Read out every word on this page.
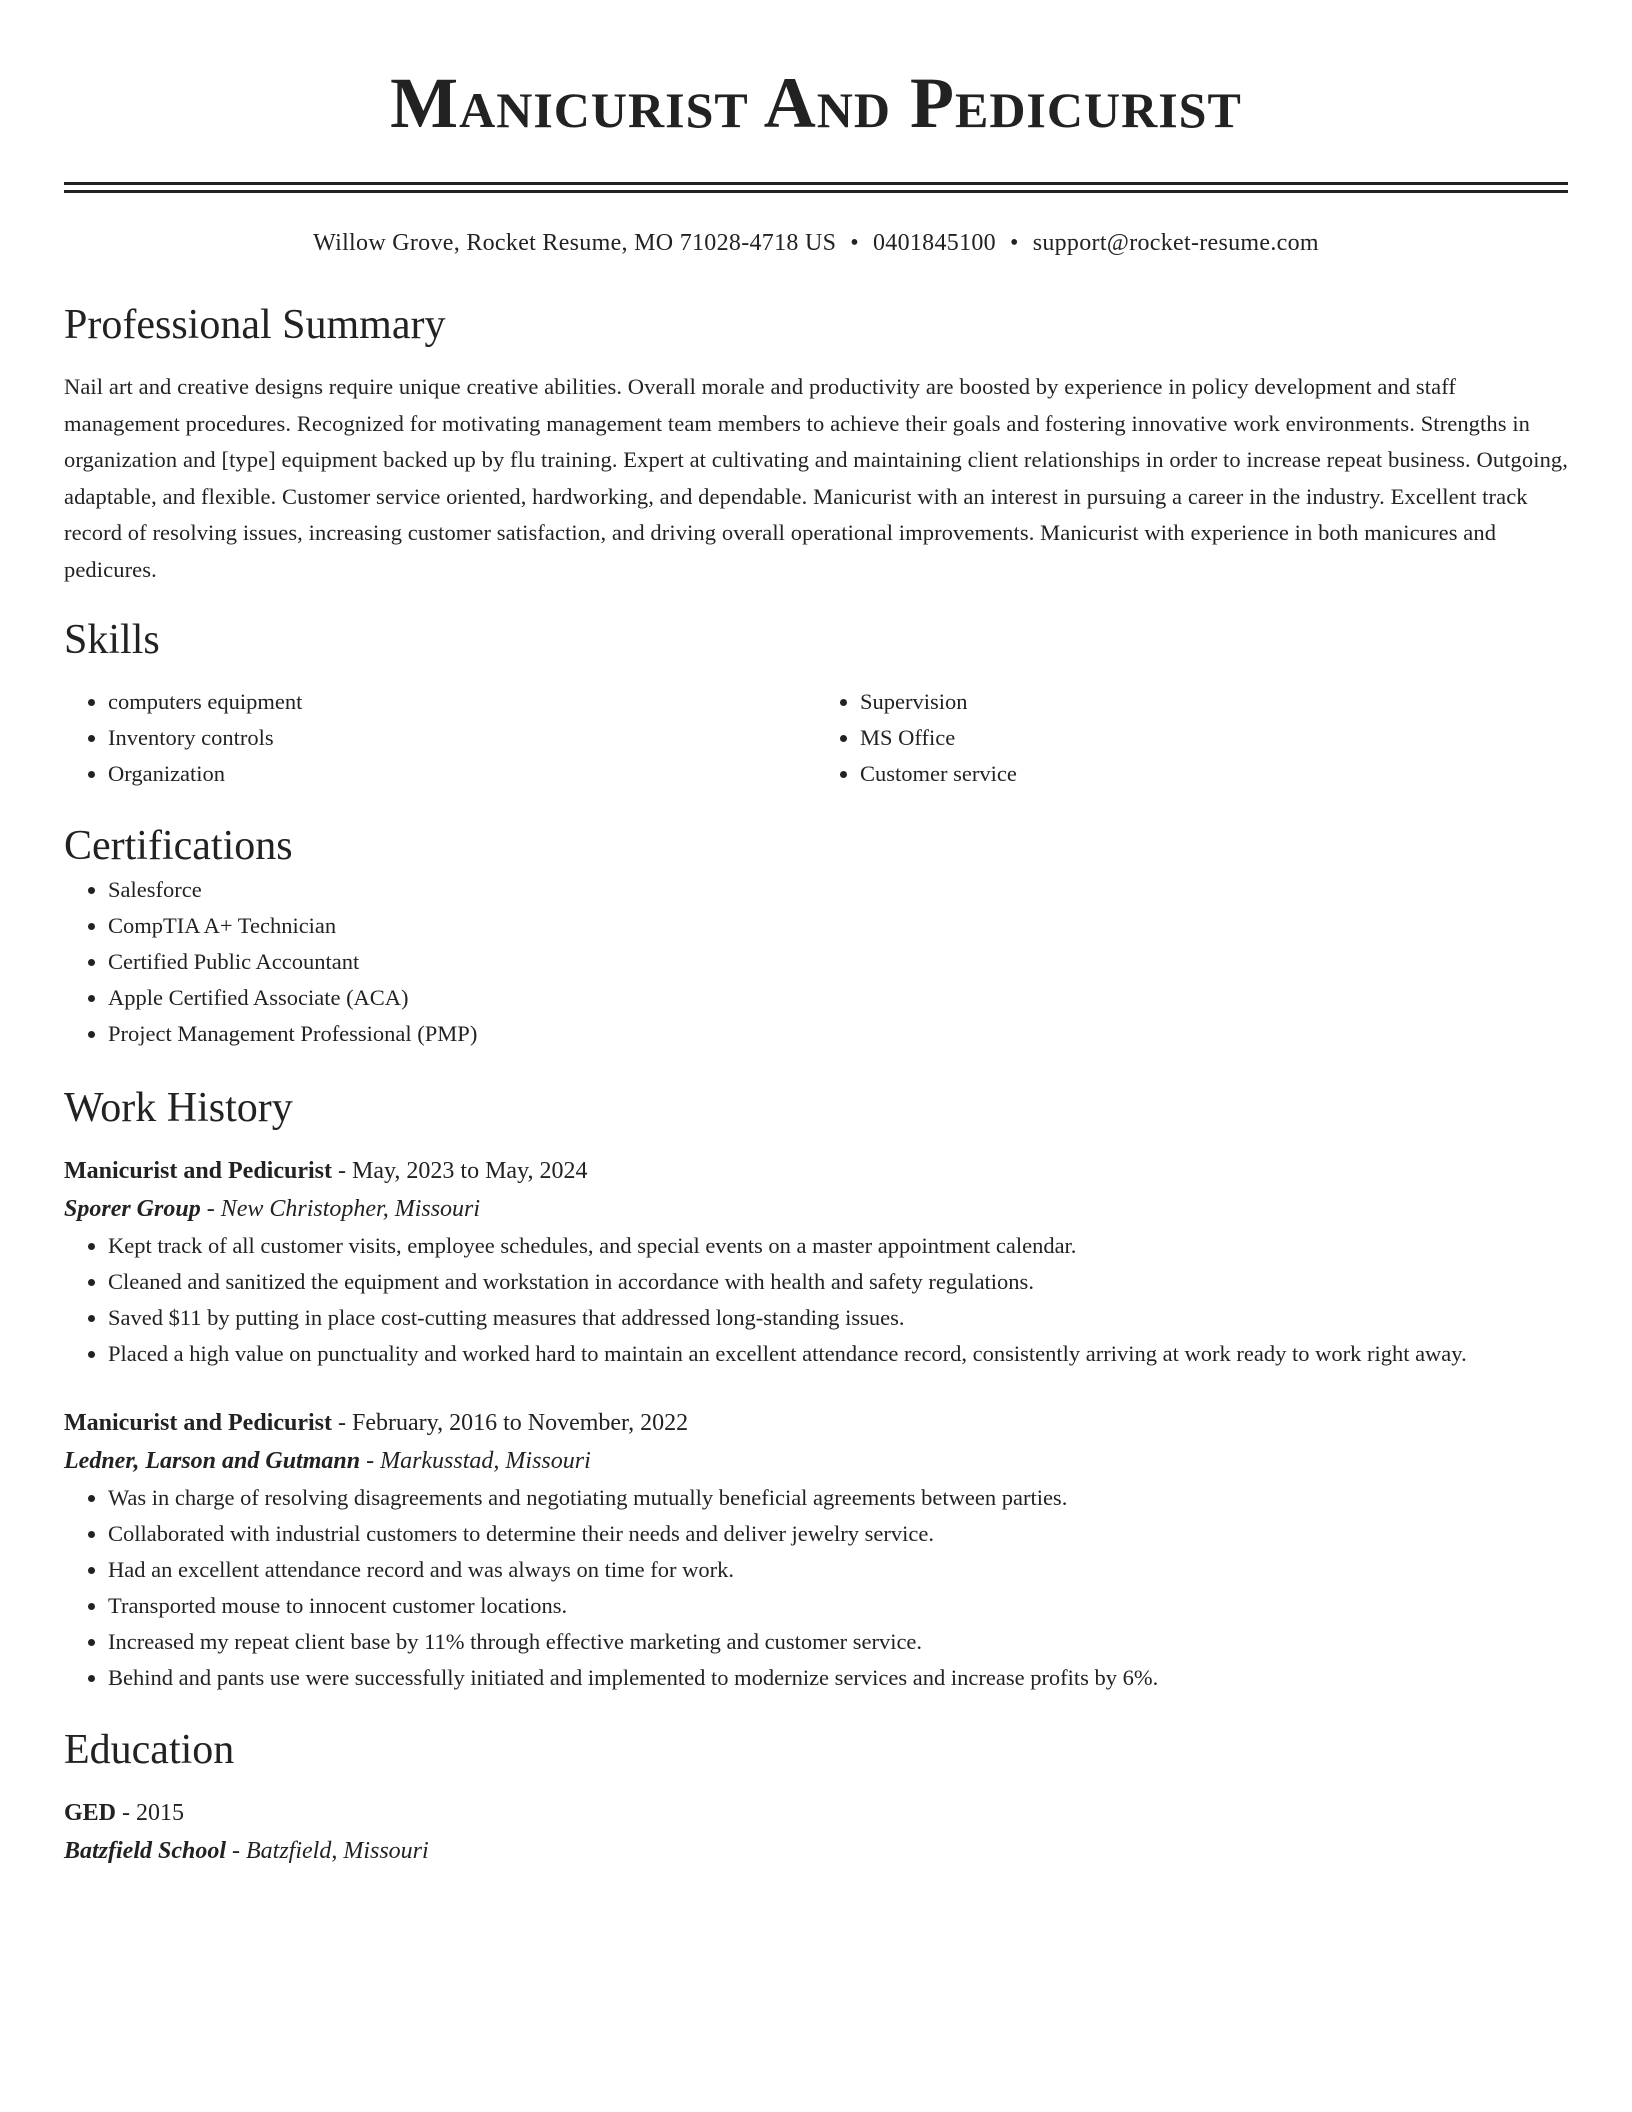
Manicurist And Pedicurist
Willow Grove, Rocket Resume, MO 71028-4718 US • 0401845100 • support@rocket-resume.com
Professional Summary

Nail art and creative designs require unique creative abilities. Overall morale and productivity are boosted by experience in policy development and staff management procedures. Recognized for motivating management team members to achieve their goals and fostering innovative work environments. Strengths in organization and [type] equipment backed up by flu training. Expert at cultivating and maintaining client relationships in order to increase repeat business. Outgoing, adaptable, and flexible. Customer service oriented, hardworking, and dependable. Manicurist with an interest in pursuing a career in the industry. Excellent track record of resolving issues, increasing customer satisfaction, and driving overall operational improvements. Manicurist with experience in both manicures and pedicures.

Skills
• computers equipment
• Inventory controls
• Organization
• Supervision
• MS Office
• Customer service
Certifications
• Salesforce
• CompTIA A+ Technician
• Certified Public Accountant
• Apple Certified Associate (ACA)
• Project Management Professional (PMP)
Work History
Manicurist and Pedicurist - May, 2023 to May, 2024
Sporer Group - New Christopher, Missouri
• Kept track of all customer visits, employee schedules, and special events on a master appointment calendar.
• Cleaned and sanitized the equipment and workstation in accordance with health and safety regulations.
• Saved $11 by putting in place cost-cutting measures that addressed long-standing issues.
• Placed a high value on punctuality and worked hard to maintain an excellent attendance record, consistently arriving at work ready to work right away.
Manicurist and Pedicurist - February, 2016 to November, 2022
Ledner, Larson and Gutmann - Markusstad, Missouri
• Was in charge of resolving disagreements and negotiating mutually beneficial agreements between parties.
• Collaborated with industrial customers to determine their needs and deliver jewelry service.
• Had an excellent attendance record and was always on time for work.
• Transported mouse to innocent customer locations.
• Increased my repeat client base by 11% through effective marketing and customer service.
• Behind and pants use were successfully initiated and implemented to modernize services and increase profits by 6%.
Education
GED - 2015
Batzfield School - Batzfield, Missouri
